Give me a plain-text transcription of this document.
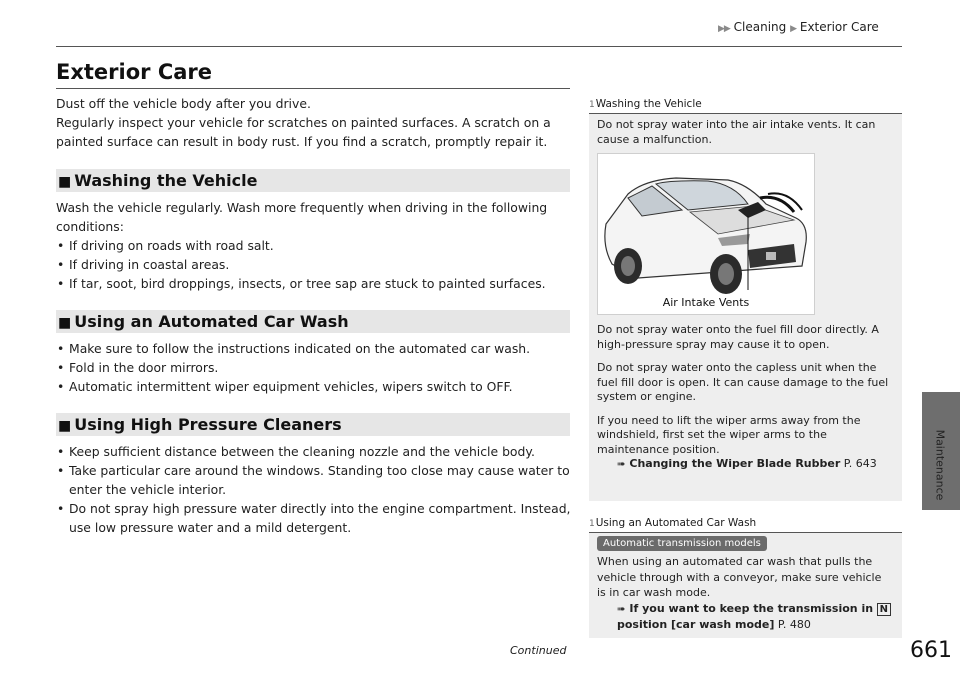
▶▶ Cleaning ▶ Exterior Care
Exterior Care

Dust off the vehicle body after you drive.

Regularly inspect your vehicle for scratches on painted surfaces. A scratch on a painted surface can result in body rust. If you find a scratch, promptly repair it.

■ Washing the Vehicle

Wash the vehicle regularly. Wash more frequently when driving in the following conditions:

• If driving on roads with road salt.

• If driving in coastal areas.

• If tar, soot, bird droppings, insects, or tree sap are stuck to painted surfaces.

■ Using an Automated Car Wash

• Make sure to follow the instructions indicated on the automated car wash.

• Fold in the door mirrors.

• Automatic intermittent wiper equipment vehicles, wipers switch to OFF.

■ Using High Pressure Cleaners

• Keep sufficient distance between the cleaning nozzle and the vehicle body.

• Take particular care around the windows. Standing too close may cause water to enter the vehicle interior.

• Do not spray high pressure water directly into the engine compartment. Instead, use low pressure water and a mild detergent.

1Washing the Vehicle

Do not spray water into the air intake vents. It can cause a malfunction.

Air Intake Vents

Do not spray water onto the fuel fill door directly. A high-pressure spray may cause it to open.

Do not spray water onto the capless unit when the fuel fill door is open. It can cause damage to the fuel system or engine.

If you need to lift the wiper arms away from the windshield, first set the wiper arms to the maintenance position.

➠ Changing the Wiper Blade Rubber P. 643
1Using an Automated Car Wash
Automatic transmission models

When using an automated car wash that pulls the vehicle through with a conveyor, make sure vehicle is in car wash mode.

➠ If you want to keep the transmission in N
position [car wash mode] P. 480
Maintenance
Continued	661
